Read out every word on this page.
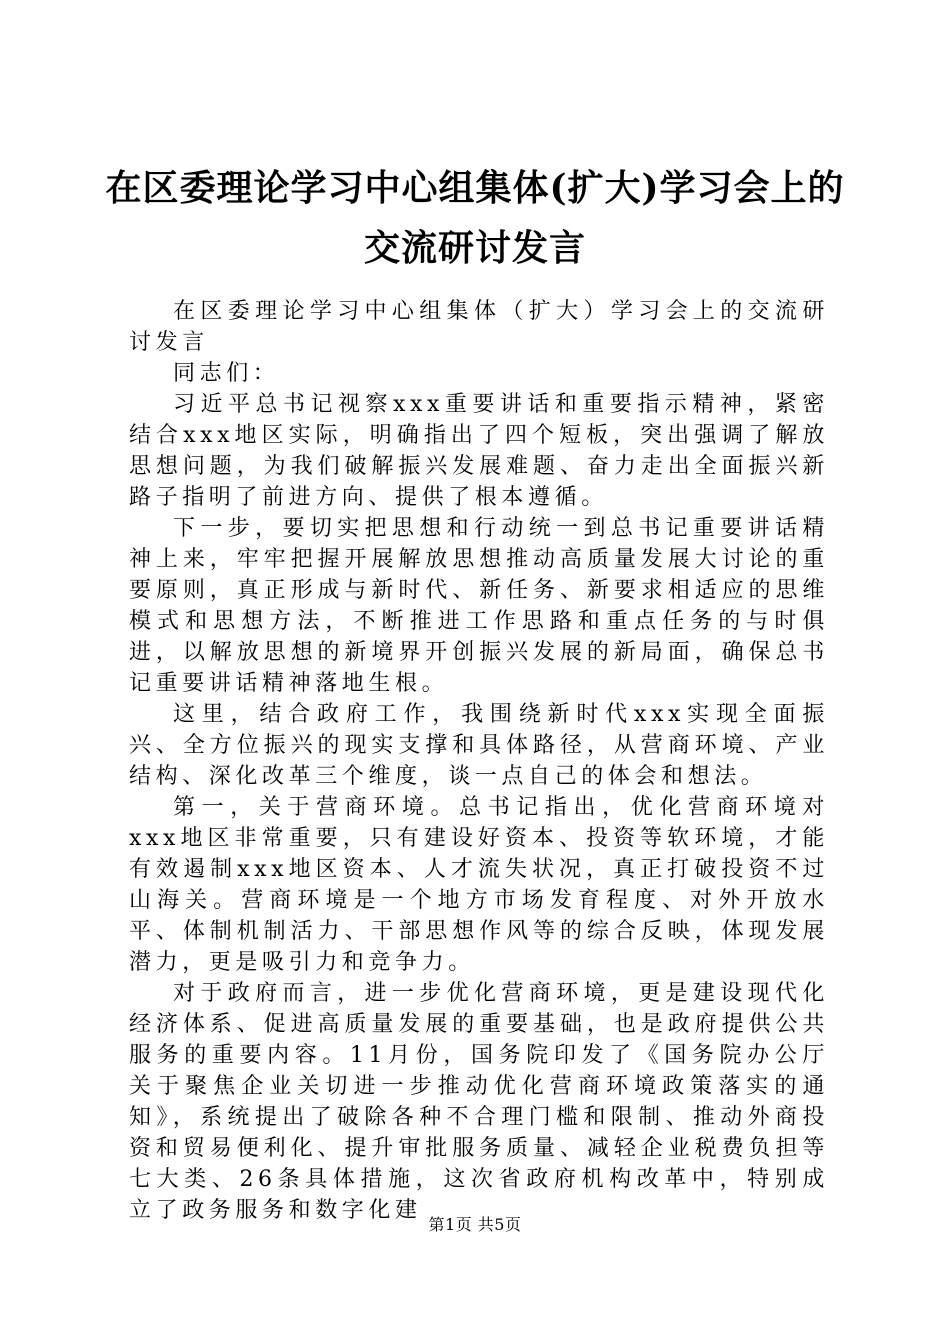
在区委理论学习中心组集体(扩大)学习会上的交流研讨发言

在区委理论学习中心组集体（扩大）学习会上的交流研讨发言

同志们：

习近平总书记视察xxx重要讲话和重要指示精神，紧密结合xxx地区实际，明确指出了四个短板，突出强调了解放思想问题，为我们破解振兴发展难题、奋力走出全面振兴新路子指明了前进方向、提供了根本遵循。

下一步，要切实把思想和行动统一到总书记重要讲话精神上来，牢牢把握开展解放思想推动高质量发展大讨论的重要原则，真正形成与新时代、新任务、新要求相适应的思维模式和思想方法，不断推进工作思路和重点任务的与时俱进，以解放思想的新境界开创振兴发展的新局面，确保总书记重要讲话精神落地生根。

这里，结合政府工作，我围绕新时代xxx实现全面振兴、全方位振兴的现实支撑和具体路径，从营商环境、产业结构、深化改革三个维度，谈一点自己的体会和想法。

第一，关于营商环境。总书记指出，优化营商环境对xxx地区非常重要，只有建设好资本、投资等软环境，才能有效遏制xxx地区资本、人才流失状况，真正打破投资不过山海关。营商环境是一个地方市场发育程度、对外开放水平、体制机制活力、干部思想作风等的综合反映，体现发展潜力，更是吸引力和竞争力。

对于政府而言，进一步优化营商环境，更是建设现代化经济体系、促进高质量发展的重要基础，也是政府提供公共服务的重要内容。11月份，国务院印发了《国务院办公厅关于聚焦企业关切进一步推动优化营商环境政策落实的通知》，系统提出了破除各种不合理门槛和限制、推动外商投资和贸易便利化、提升审批服务质量、减轻企业税费负担等七大类、26条具体措施，这次省政府机构改革中，特别成立了政务服务和数字化建

第1页 共5页
